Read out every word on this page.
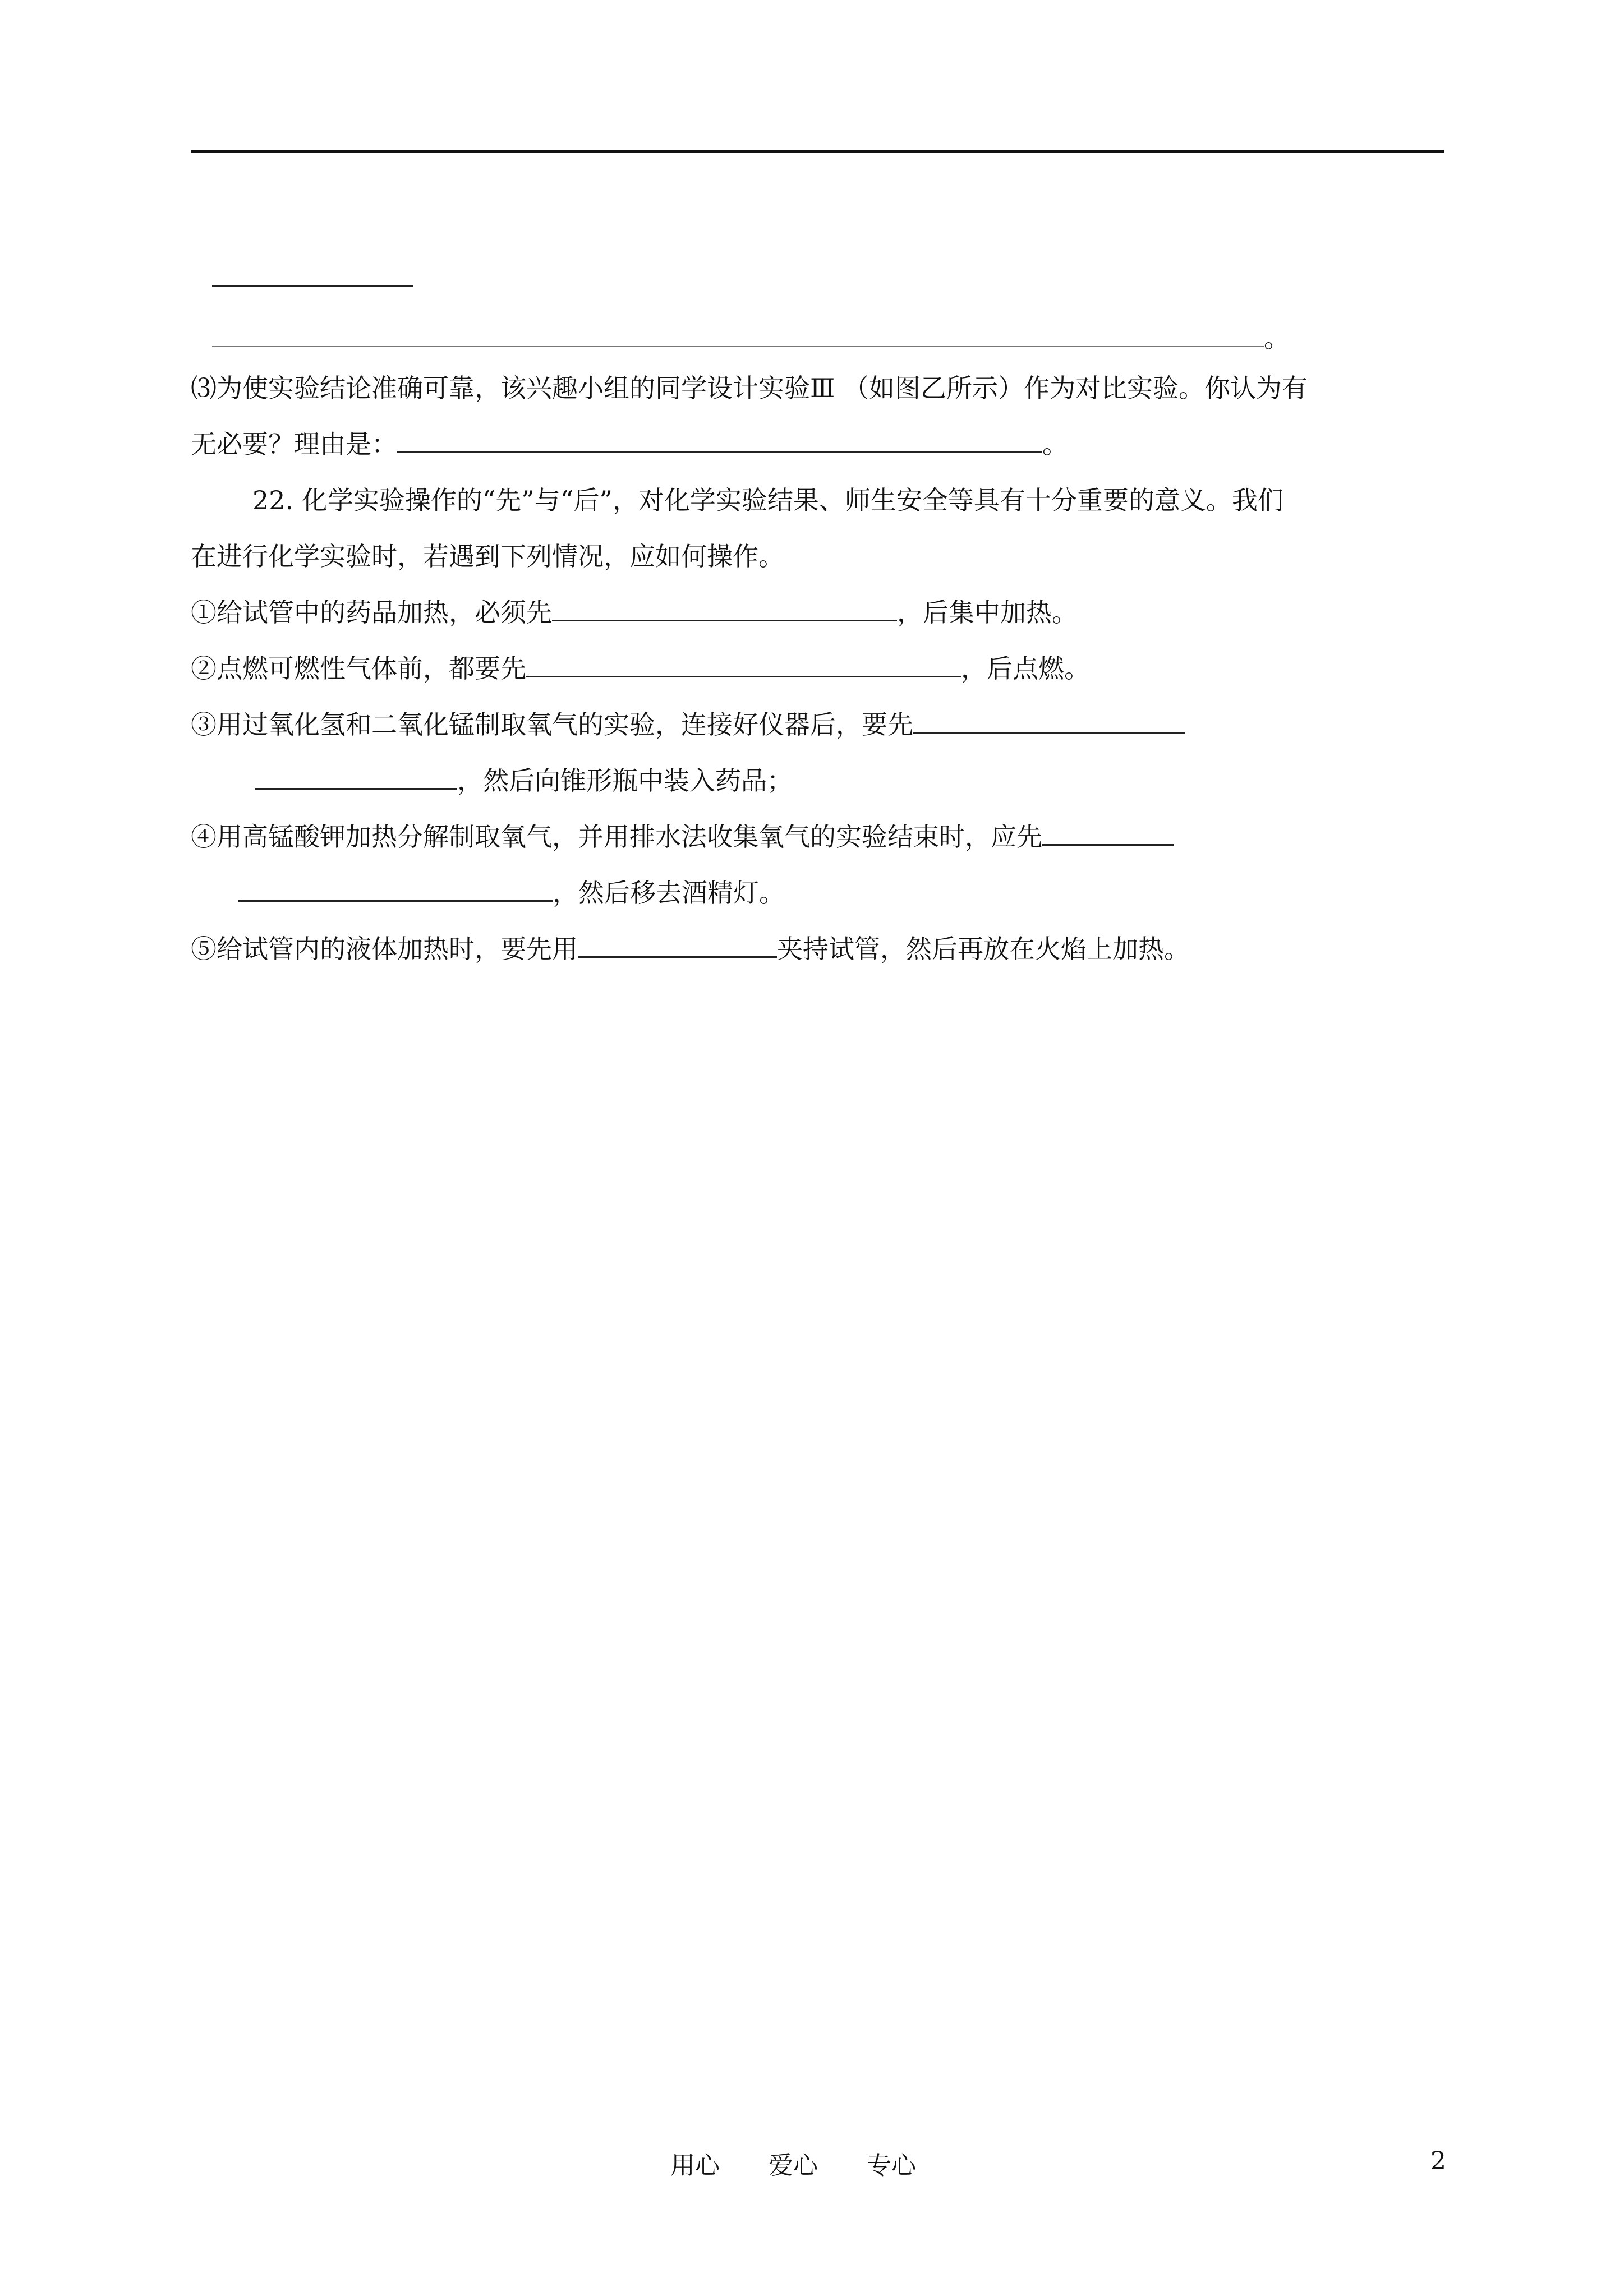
。
⑶为使实验结论准确可靠，该兴趣小组的同学设计实验Ⅲ （如图乙所示）作为对比实验。你认为有
无必要？理由是：	。
22. 化学实验操作的“先”与“后”，对化学实验结果、师生安全等具有十分重要的意义。我们
在进行化学实验时，若遇到下列情况，应如何操作。
①给试管中的药品加热，必须先	，后集中加热。
②点燃可燃性气体前，都要先	，后点燃。
③用过氧化氢和二氧化锰制取氧气的实验，连接好仪器后，要先
，然后向锥形瓶中装入药品；
④用高锰酸钾加热分解制取氧气，并用排水法收集氧气的实验结束时，应先
，然后移去酒精灯。
⑤给试管内的液体加热时，要先用	夹持试管，然后再放在火焰上加热。
用心 爱心 专心	2
